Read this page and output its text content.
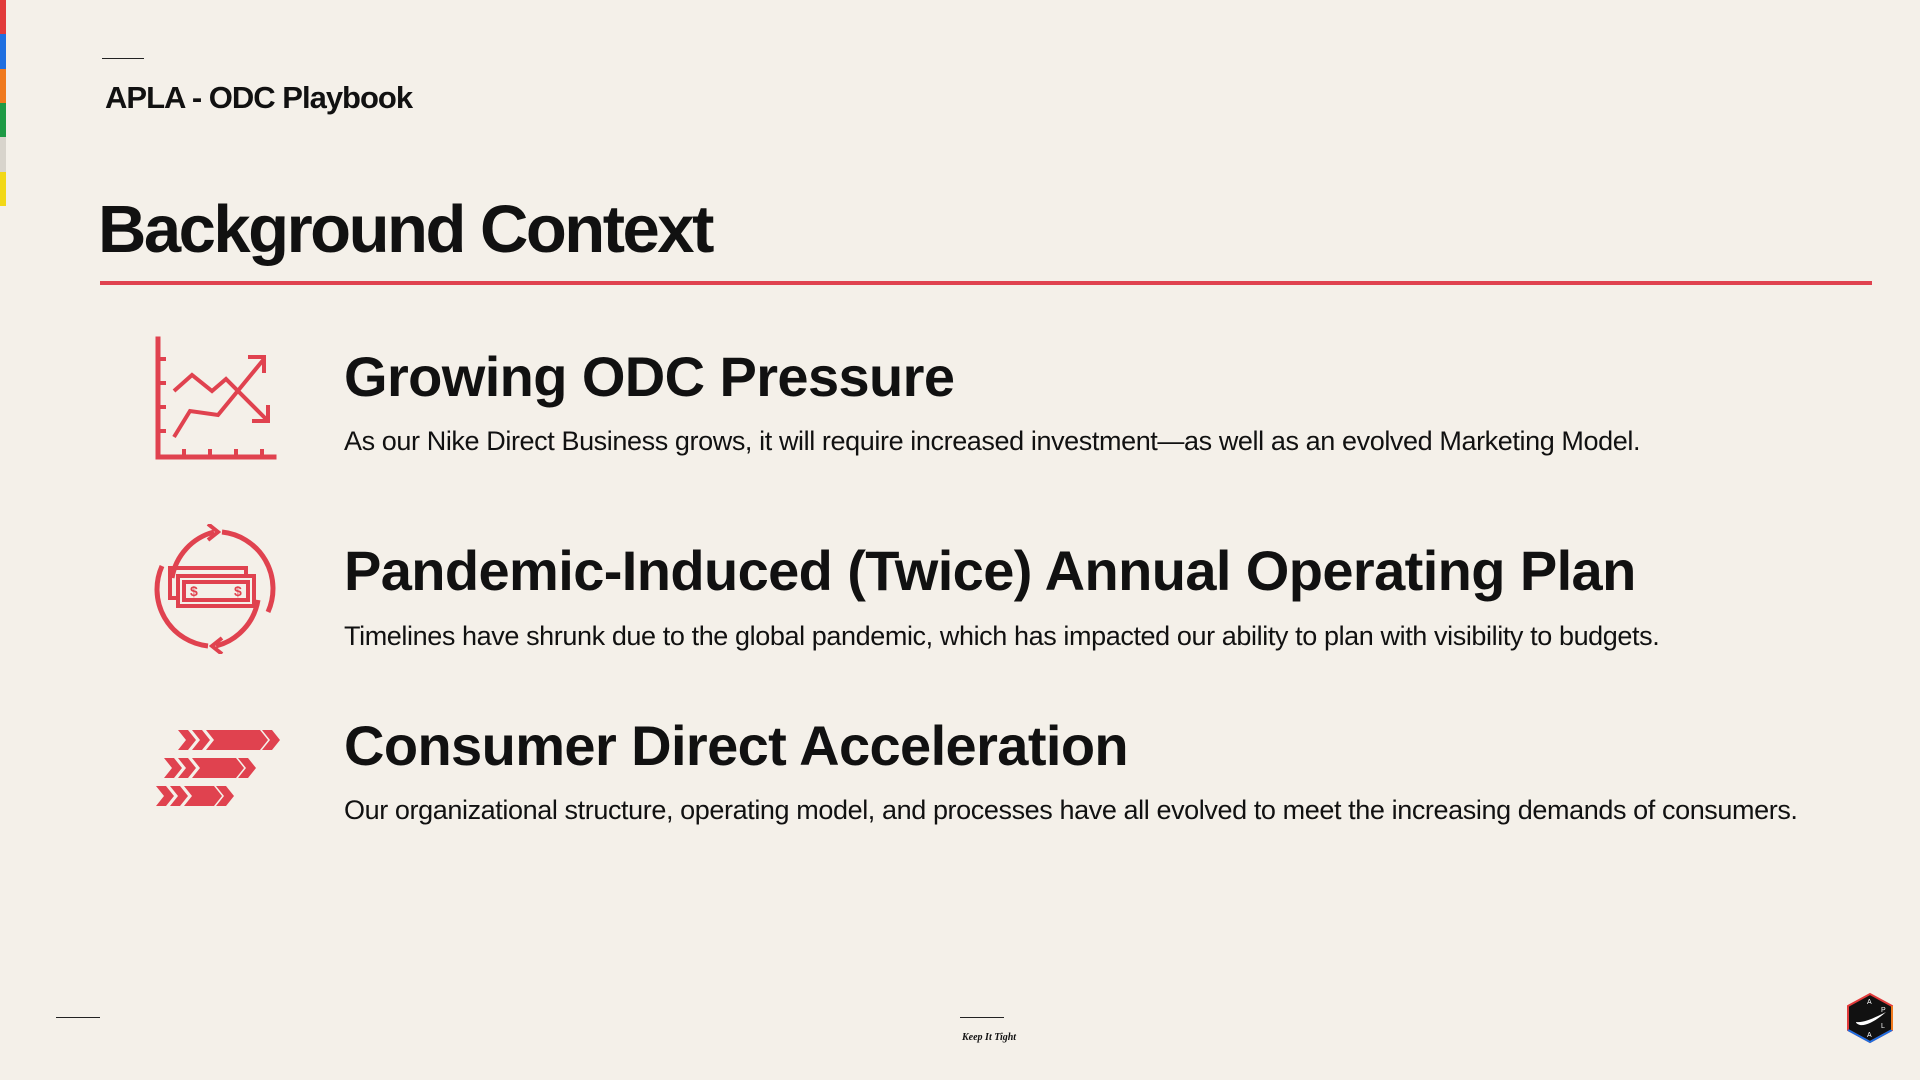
APLA - ODC Playbook
Background Context
Growing ODC Pressure
As our Nike Direct Business grows, it will require increased investment—as well as an evolved Marketing Model.
$	$ Pandemic-Induced (Twice) Annual Operating Plan
Timelines have shrunk due to the global pandemic, which has impacted our ability to plan with visibility to budgets.
Consumer Direct Acceleration
Our organizational structure, operating model, and processes have all evolved to meet the increasing demands of consumers.
Keep It Tight
A
P
L
A
